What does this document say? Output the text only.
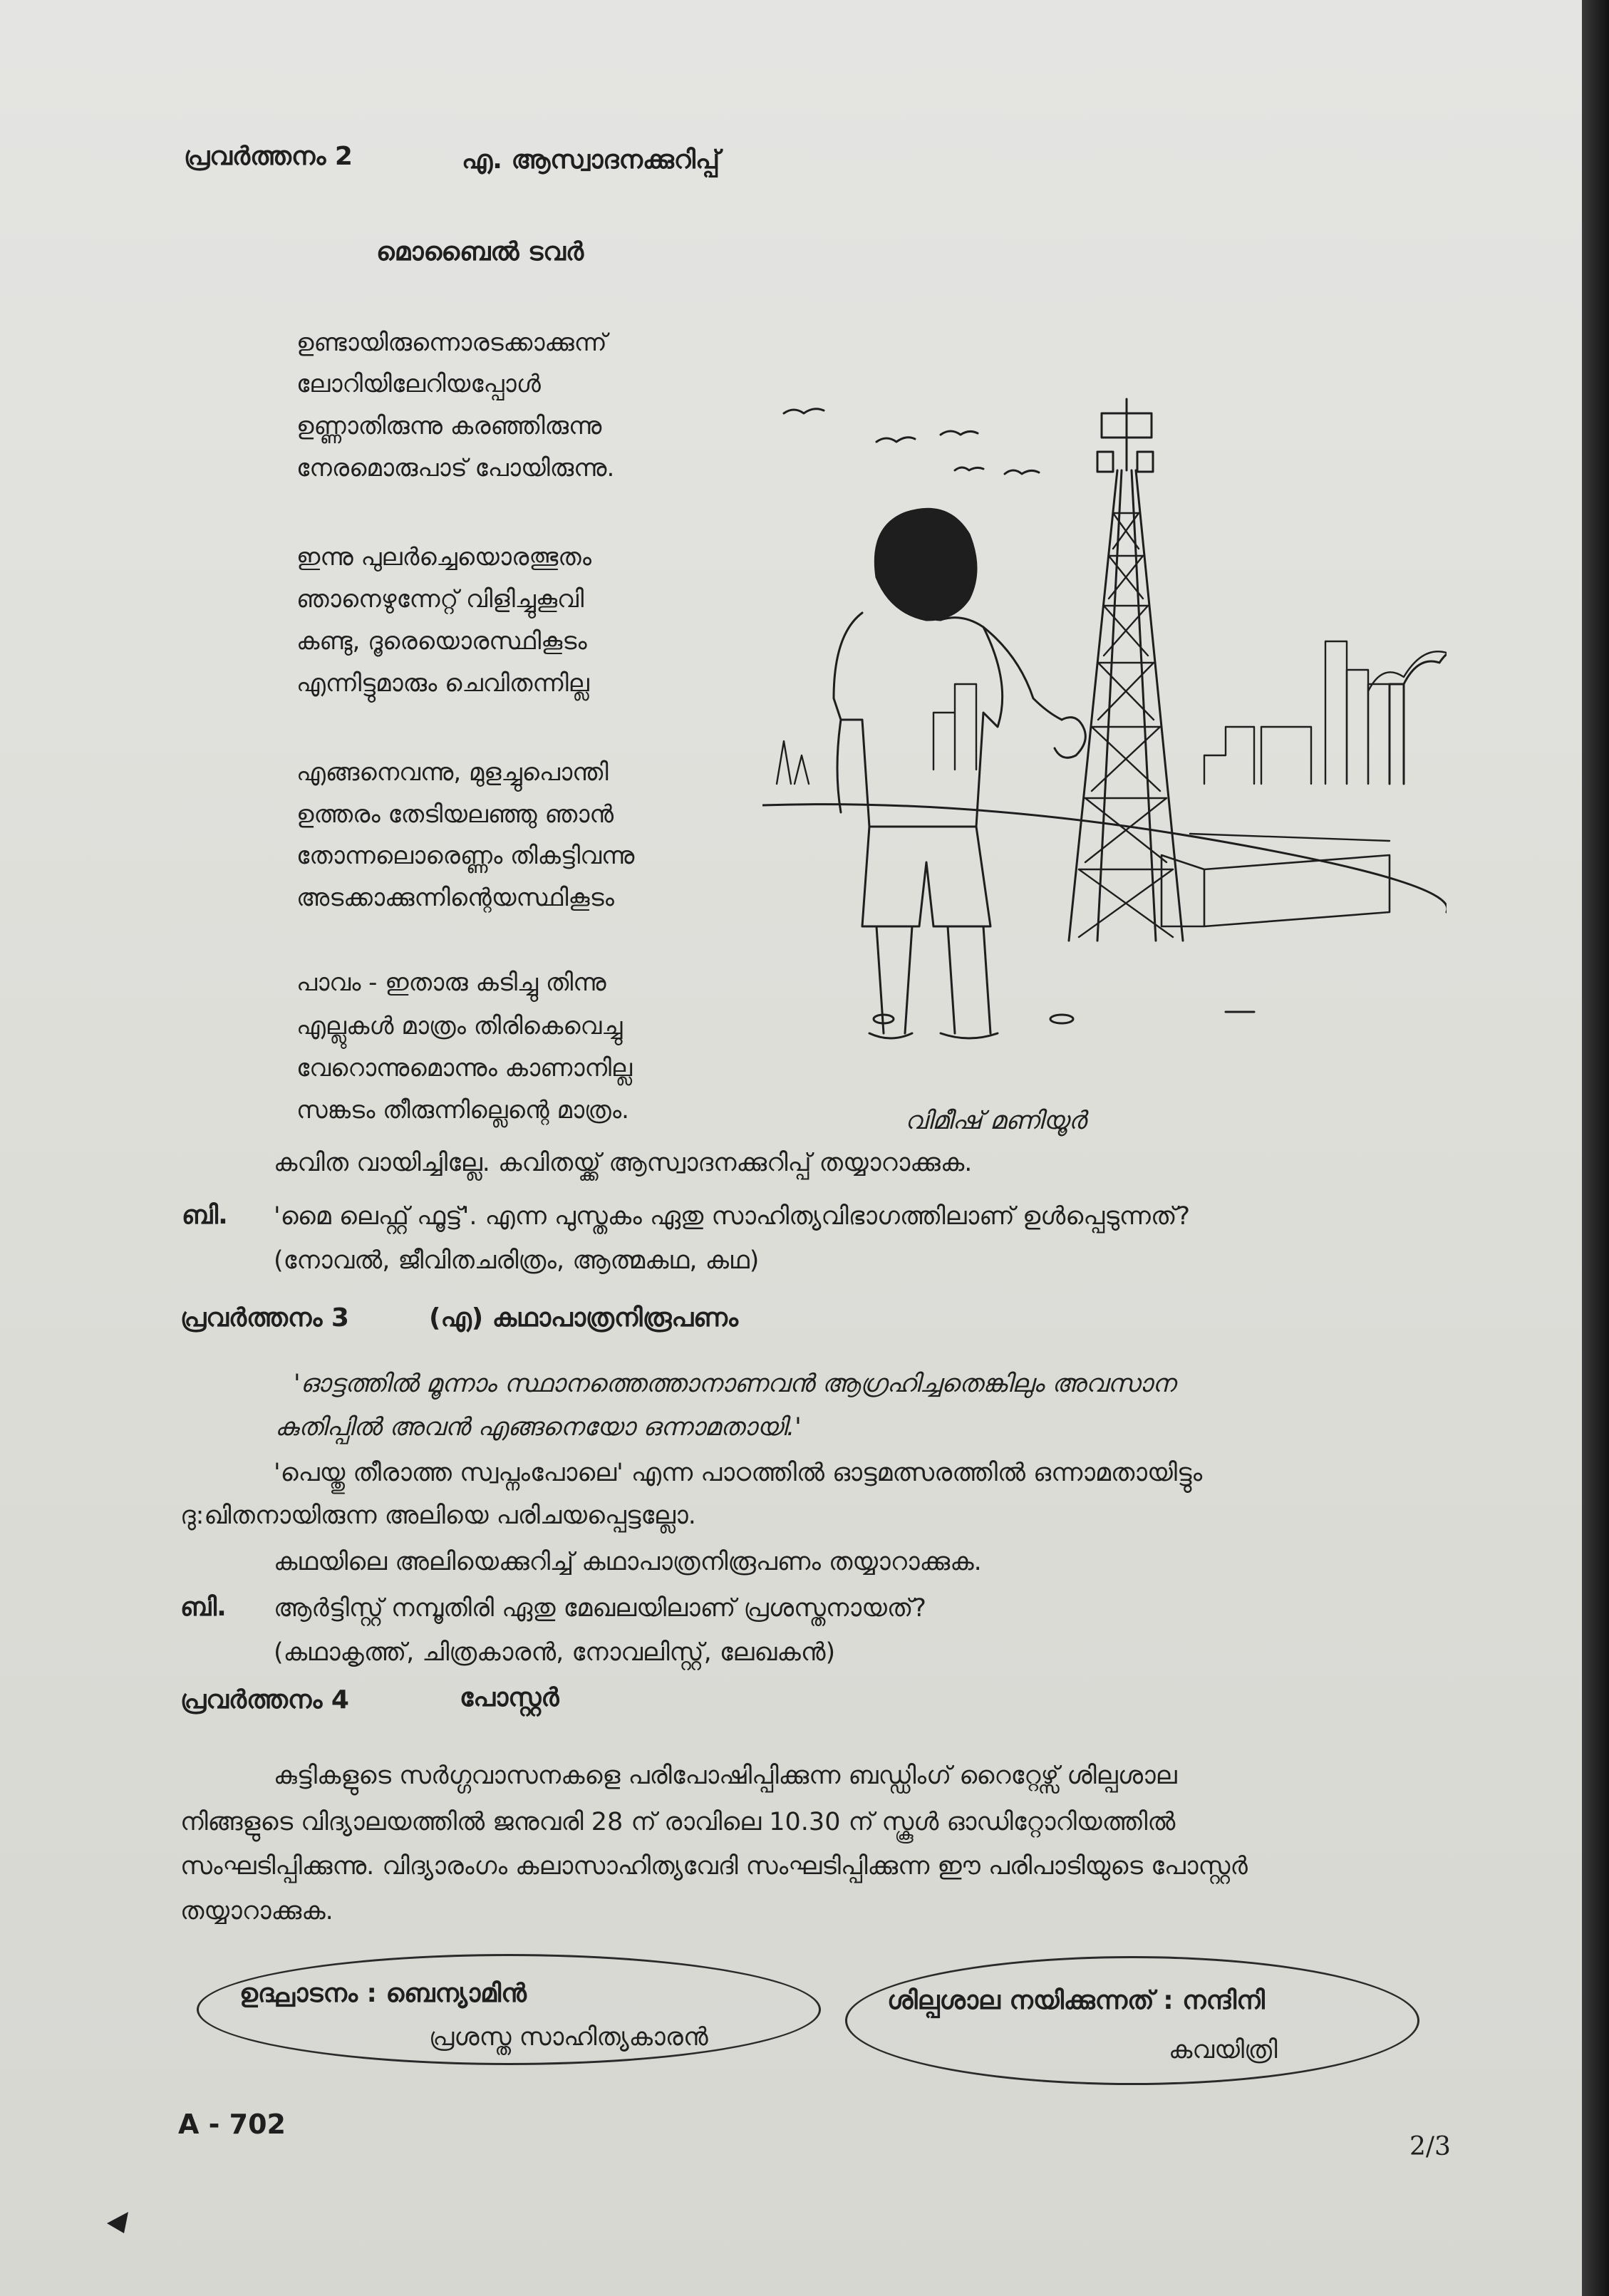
പ്രവർത്തനം 2	എ. ആസ്വാദനക്കുറിപ്പ്
മൊബൈൽ ടവർ
ഉണ്ടായിരുന്നൊരടക്കാക്കുന്ന്
ലോറിയിലേറിയപ്പോൾ
ഉണ്ണാതിരുന്നു കരഞ്ഞിരുന്നു
നേരമൊരുപാട് പോയിരുന്നു.
ഇന്നു പുലർച്ചെയൊരത്ഭുതം
ഞാനെഴുന്നേറ്റ് വിളിച്ചുകൂവി
കണ്ടു, ദൂരെയൊരസ്ഥികൂടം
എന്നിട്ടുമാരും ചെവിതന്നില്ല
എങ്ങനെവന്നു, മുളച്ചുപൊന്തി
ഉത്തരം തേടിയലഞ്ഞു ഞാൻ
തോന്നലൊരെണ്ണം തികട്ടിവന്നു
അടക്കാക്കുന്നിന്റെയസ്ഥികൂടം
പാവം - ഇതാരു കടിച്ചു തിന്നു
എല്ലുകൾ മാത്രം തിരികെവെച്ചു
വേറൊന്നുമൊന്നും കാണാനില്ല
സങ്കടം തീരുന്നില്ലെന്റെ മാത്രം.	വിമീഷ് മണിയൂർ
കവിത വായിച്ചില്ലേ. കവിതയ്ക്ക് ആസ്വാദനക്കുറിപ്പ് തയ്യാറാക്കുക.
ബി. 'മൈ ലെഫ്റ്റ് ഫൂട്ട്'. എന്ന പുസ്തകം ഏതു സാഹിത്യവിഭാഗത്തിലാണ് ഉൾപ്പെടുന്നത്?
(നോവൽ, ജീവിതചരിത്രം, ആത്മകഥ, കഥ)
പ്രവർത്തനം 3	(എ) കഥാപാത്രനിരൂപണം
'ഓട്ടത്തിൽ മൂന്നാം സ്ഥാനത്തെത്താനാണവൻ ആഗ്രഹിച്ചതെങ്കിലും അവസാന
കുതിപ്പിൽ അവൻ എങ്ങനെയോ ഒന്നാമതായി.'
'പെയ്തു തീരാത്ത സ്വപ്നംപോലെ' എന്ന പാഠത്തിൽ ഓട്ടമത്സരത്തിൽ ഒന്നാമതായിട്ടും
ദു:ഖിതനായിരുന്ന അലിയെ പരിചയപ്പെട്ടല്ലോ.
കഥയിലെ അലിയെക്കുറിച്ച് കഥാപാത്രനിരൂപണം തയ്യാറാക്കുക.
ബി. ആർട്ടിസ്റ്റ് നമ്പൂതിരി ഏതു മേഖലയിലാണ് പ്രശസ്തനായത്?
(കഥാകൃത്ത്, ചിത്രകാരൻ, നോവലിസ്റ്റ്, ലേഖകൻ)
പ്രവർത്തനം 4	പോസ്റ്റർ
കുട്ടികളുടെ സർഗ്ഗവാസനകളെ പരിപോഷിപ്പിക്കുന്ന ബഡ്ഡിംഗ് റൈറ്റേഴ്സ് ശില്പശാല
നിങ്ങളുടെ വിദ്യാലയത്തിൽ ജനുവരി 28 ന് രാവിലെ 10.30 ന് സ്കൂൾ ഓഡിറ്റോറിയത്തിൽ
സംഘടിപ്പിക്കുന്നു. വിദ്യാരംഗം കലാസാഹിത്യവേദി സംഘടിപ്പിക്കുന്ന ഈ പരിപാടിയുടെ പോസ്റ്റർ
തയ്യാറാക്കുക.
ഉദ്ഘാടനം : ബെന്യാമിൻ
പ്രശസ്ത സാഹിത്യകാരൻ
ശില്പശാല നയിക്കുന്നത് : നന്ദിനി
കവയിത്രി
A - 702
2/3
